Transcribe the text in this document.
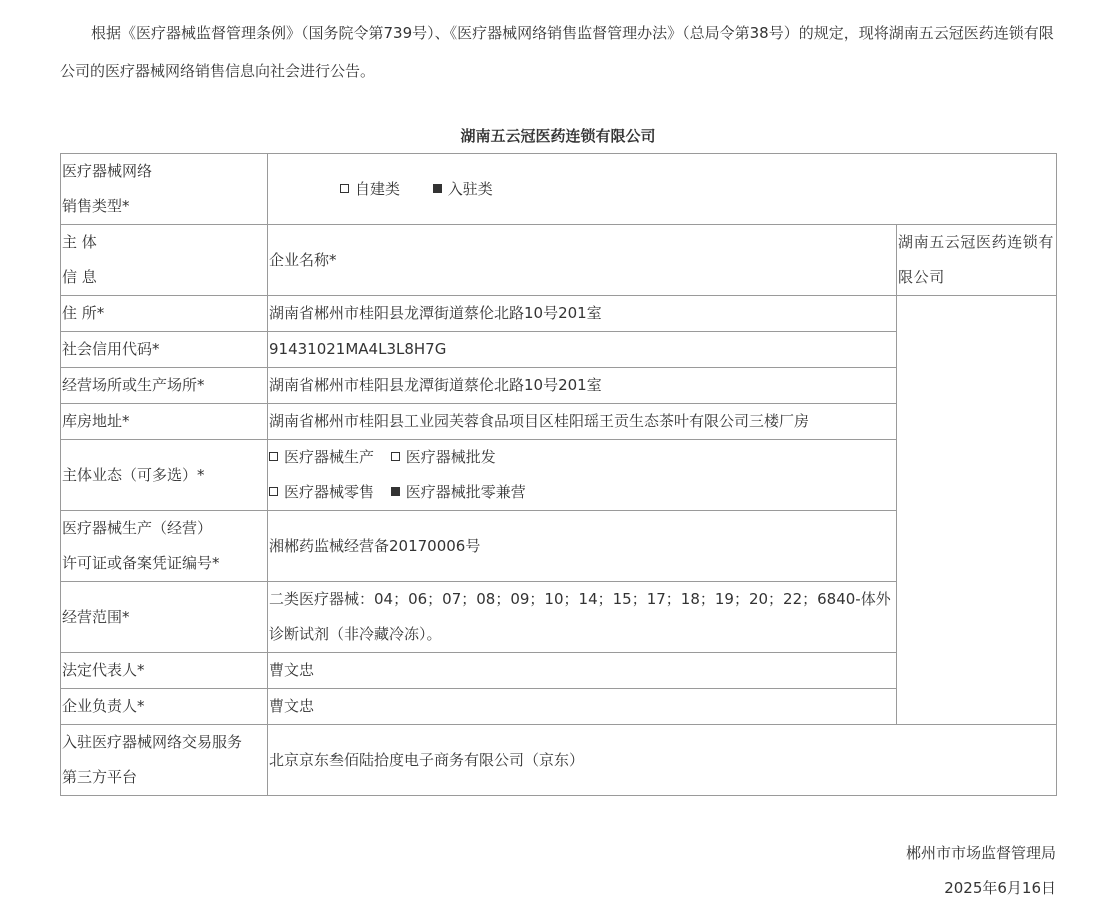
根据《医疗器械监督管理条例》（国务院令第739号）、《医疗器械网络销售监督管理办法》（总局令第38号）的规定，现将湖南五云冠医药连锁有限公司的医疗器械网络销售信息向社会进行公告。

湖南五云冠医药连锁有限公司
医疗器械网络
销售类型*	自建类 入驻类	
主 体
信 息	企业名称*	湖南五云冠医药连锁有限公司
住 所*	湖南省郴州市桂阳县龙潭街道蔡伦北路10号201室	
社会信用代码*	91431021MA4L3L8H7G	
经营场所或生产场所*	湖南省郴州市桂阳县龙潭街道蔡伦北路10号201室	
库房地址*	湖南省郴州市桂阳县工业园芙蓉食品项目区桂阳瑶王贡生态茶叶有限公司三楼厂房	
主体业态（可多选）*	医疗器械生产 医疗器械批发
医疗器械零售 医疗器械批零兼营	
医疗器械生产（经营）
许可证或备案凭证编号*	湘郴药监械经营备20170006号	
经营范围*	二类医疗器械：04；06；07；08；09；10；14；15；17；18；19；20；22；6840-体外诊断试剂（非冷藏冷冻）。	
法定代表人*	曹文忠	
企业负责人*	曹文忠	
入驻医疗器械网络交易服务
第三方平台	北京京东叁佰陆拾度电子商务有限公司（京东）	
郴州市市场监督管理局
2025年6月16日
